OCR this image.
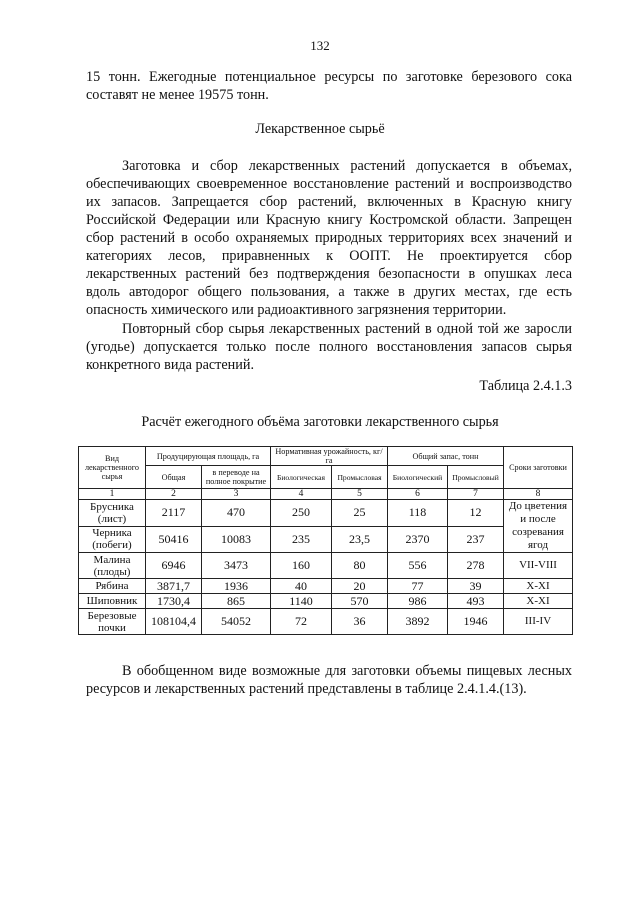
132

15 тонн. Ежегодные потенциальное ресурсы по заготовке березового сока составят не менее 19575 тонн.

Лекарственное сырьё

Заготовка и сбор лекарственных растений допускается в объемах, обеспечивающих своевременное восстановление растений и воспроизводство их запасов. Запрещается сбор растений, включенных в Красную книгу Российской Федерации или Красную книгу Костромской области. Запрещен сбор растений в особо охраняемых природных территориях всех значений и категориях лесов, приравненных к ООПТ. Не проектируется сбор лекарственных растений без подтверждения безопасности в опушках леса вдоль автодорог общего пользования, а также в других местах, где есть опасность химического или радиоактивного загрязнения территории.

Повторный сбор сырья лекарственных растений в одной той же заросли (угодье) допускается только после полного восстановления запасов сырья конкретного вида растений.

Таблица 2.4.1.3
Расчёт ежегодного объёма заготовки лекарственного сырья
Вид лекарственного сырья	Продуцирующая площадь, га		Нормативная урожайность, кг/га		Общий запас, тонн		Сроки заготовки
	Общая	в переводе на полное покрытие	Биологическая	Промысловая	Биологический	Промысловый	
1	2	3	4	5	6	7	8
Брусника (лист)	2117	470	250	25	118	12	До цветения и после созревания ягод
Черника (побеги)	50416	10083	235	23,5	2370	237	
Малина (плоды)	6946	3473	160	80	556	278	VII-VIII
Рябина	3871,7	1936	40	20	77	39	X-XI
Шиповник	1730,4	865	1140	570	986	493	X-XI
Березовые почки	108104,4	54052	72	36	3892	1946	III-IV

В обобщенном виде возможные для заготовки объемы пищевых лесных ресурсов и лекарственных растений представлены в таблице 2.4.1.4.(13).
